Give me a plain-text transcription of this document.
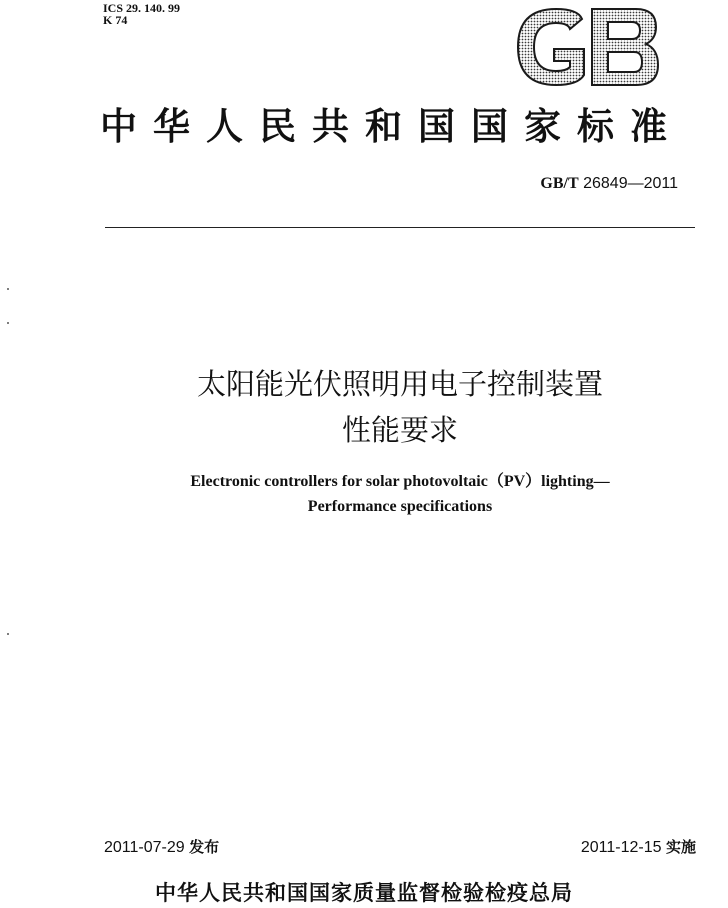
ICS 29. 140. 99
K 74
中华人民共和国国家标准
GB/T 26849—2011
太阳能光伏照明用电子控制装置
性能要求
Electronic controllers for solar photovoltaic（PV）lighting—
Performance specifications
2011-07-29 发布	2011-12-15 实施
中华人民共和国国家质量监督检验检疫总局
